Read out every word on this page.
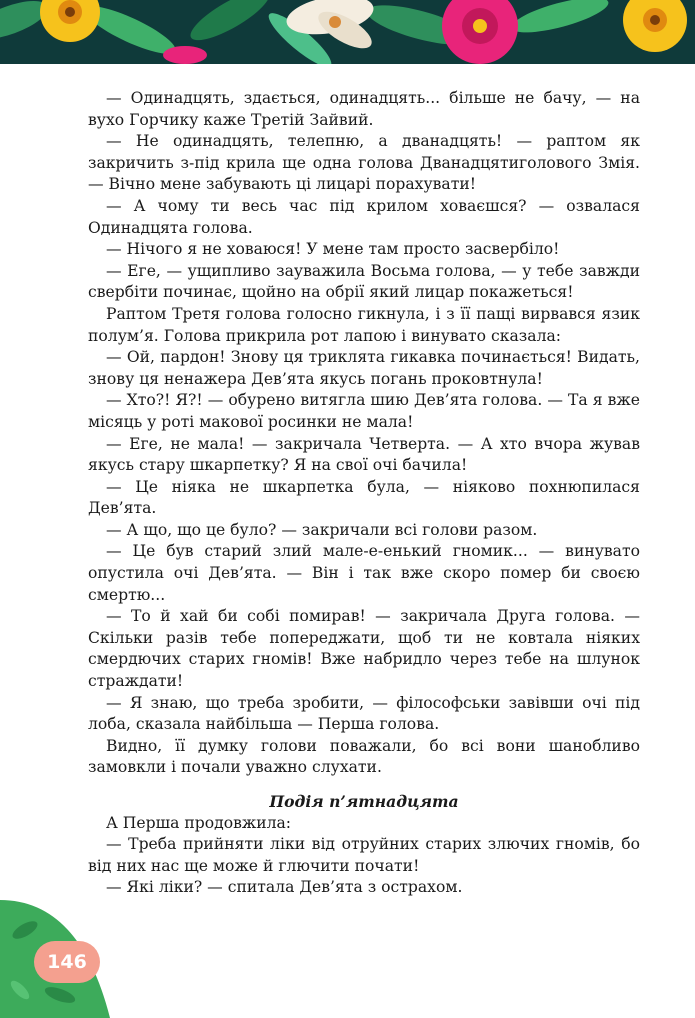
146

— Одинадцять, здається, одинадцять... більше не бачу, — на вухо Горчику каже Третій Зайвий.

— Не одинадцять, телепню, а дванадцять! — раптом як закричить з-під крила ще одна голова Дванадцятиголового Змія. — Вічно мене забувають ці лицарі порахувати!

— А чому ти весь час під крилом ховаєшся? — озвалася Одинадцята голова.

— Нічого я не ховаюся! У мене там просто засвербіло!

— Еге, — ущипливо зауважила Восьма голова, — у тебе завжди свербіти починає, щойно на обрії який лицар покажеться!

Раптом Третя голова голосно гикнула, і з її пащі вирвався язик полум’я. Голова прикрила рот лапою і винувато сказала:

— Ой, пардон! Знову ця триклята гикавка починається! Видать, знову ця ненажера Дев’ята якусь погань проковтнула!

— Хто?! Я?! — обурено витягла шию Дев’ята голова. — Та я вже місяць у роті макової росинки не мала!

— Еге, не мала! — закричала Четверта. — А хто вчора жував якусь стару шкарпетку? Я на свої очі бачила!

— Це ніяка не шкарпетка була, — ніяково похнюпилася Дев’ята.

— А що, що це було? — закричали всі голови разом.

— Це був старий злий мале-е-енький гномик... — винувато опустила очі Дев’ята. — Він і так вже скоро помер би своєю смертю...

— То й хай би собі помирав! — закричала Друга голова. — Скільки разів тебе попереджати, щоб ти не ковтала ніяких смердючих старих гномів! Вже набридло через тебе на шлунок страждати!

— Я знаю, що треба зробити, — філософськи завівши очі під лоба, сказала найбільша — Перша голова.

Видно, її думку голови поважали, бо всі вони шанобливо замовкли і почали уважно слухати.

Подія п’ятнадцята

А Перша продовжила:

— Треба прийняти ліки від отруйних старих злючих гномів, бо від них нас ще може й глючити почати!

— Які ліки? — спитала Дев’ята з острахом.
